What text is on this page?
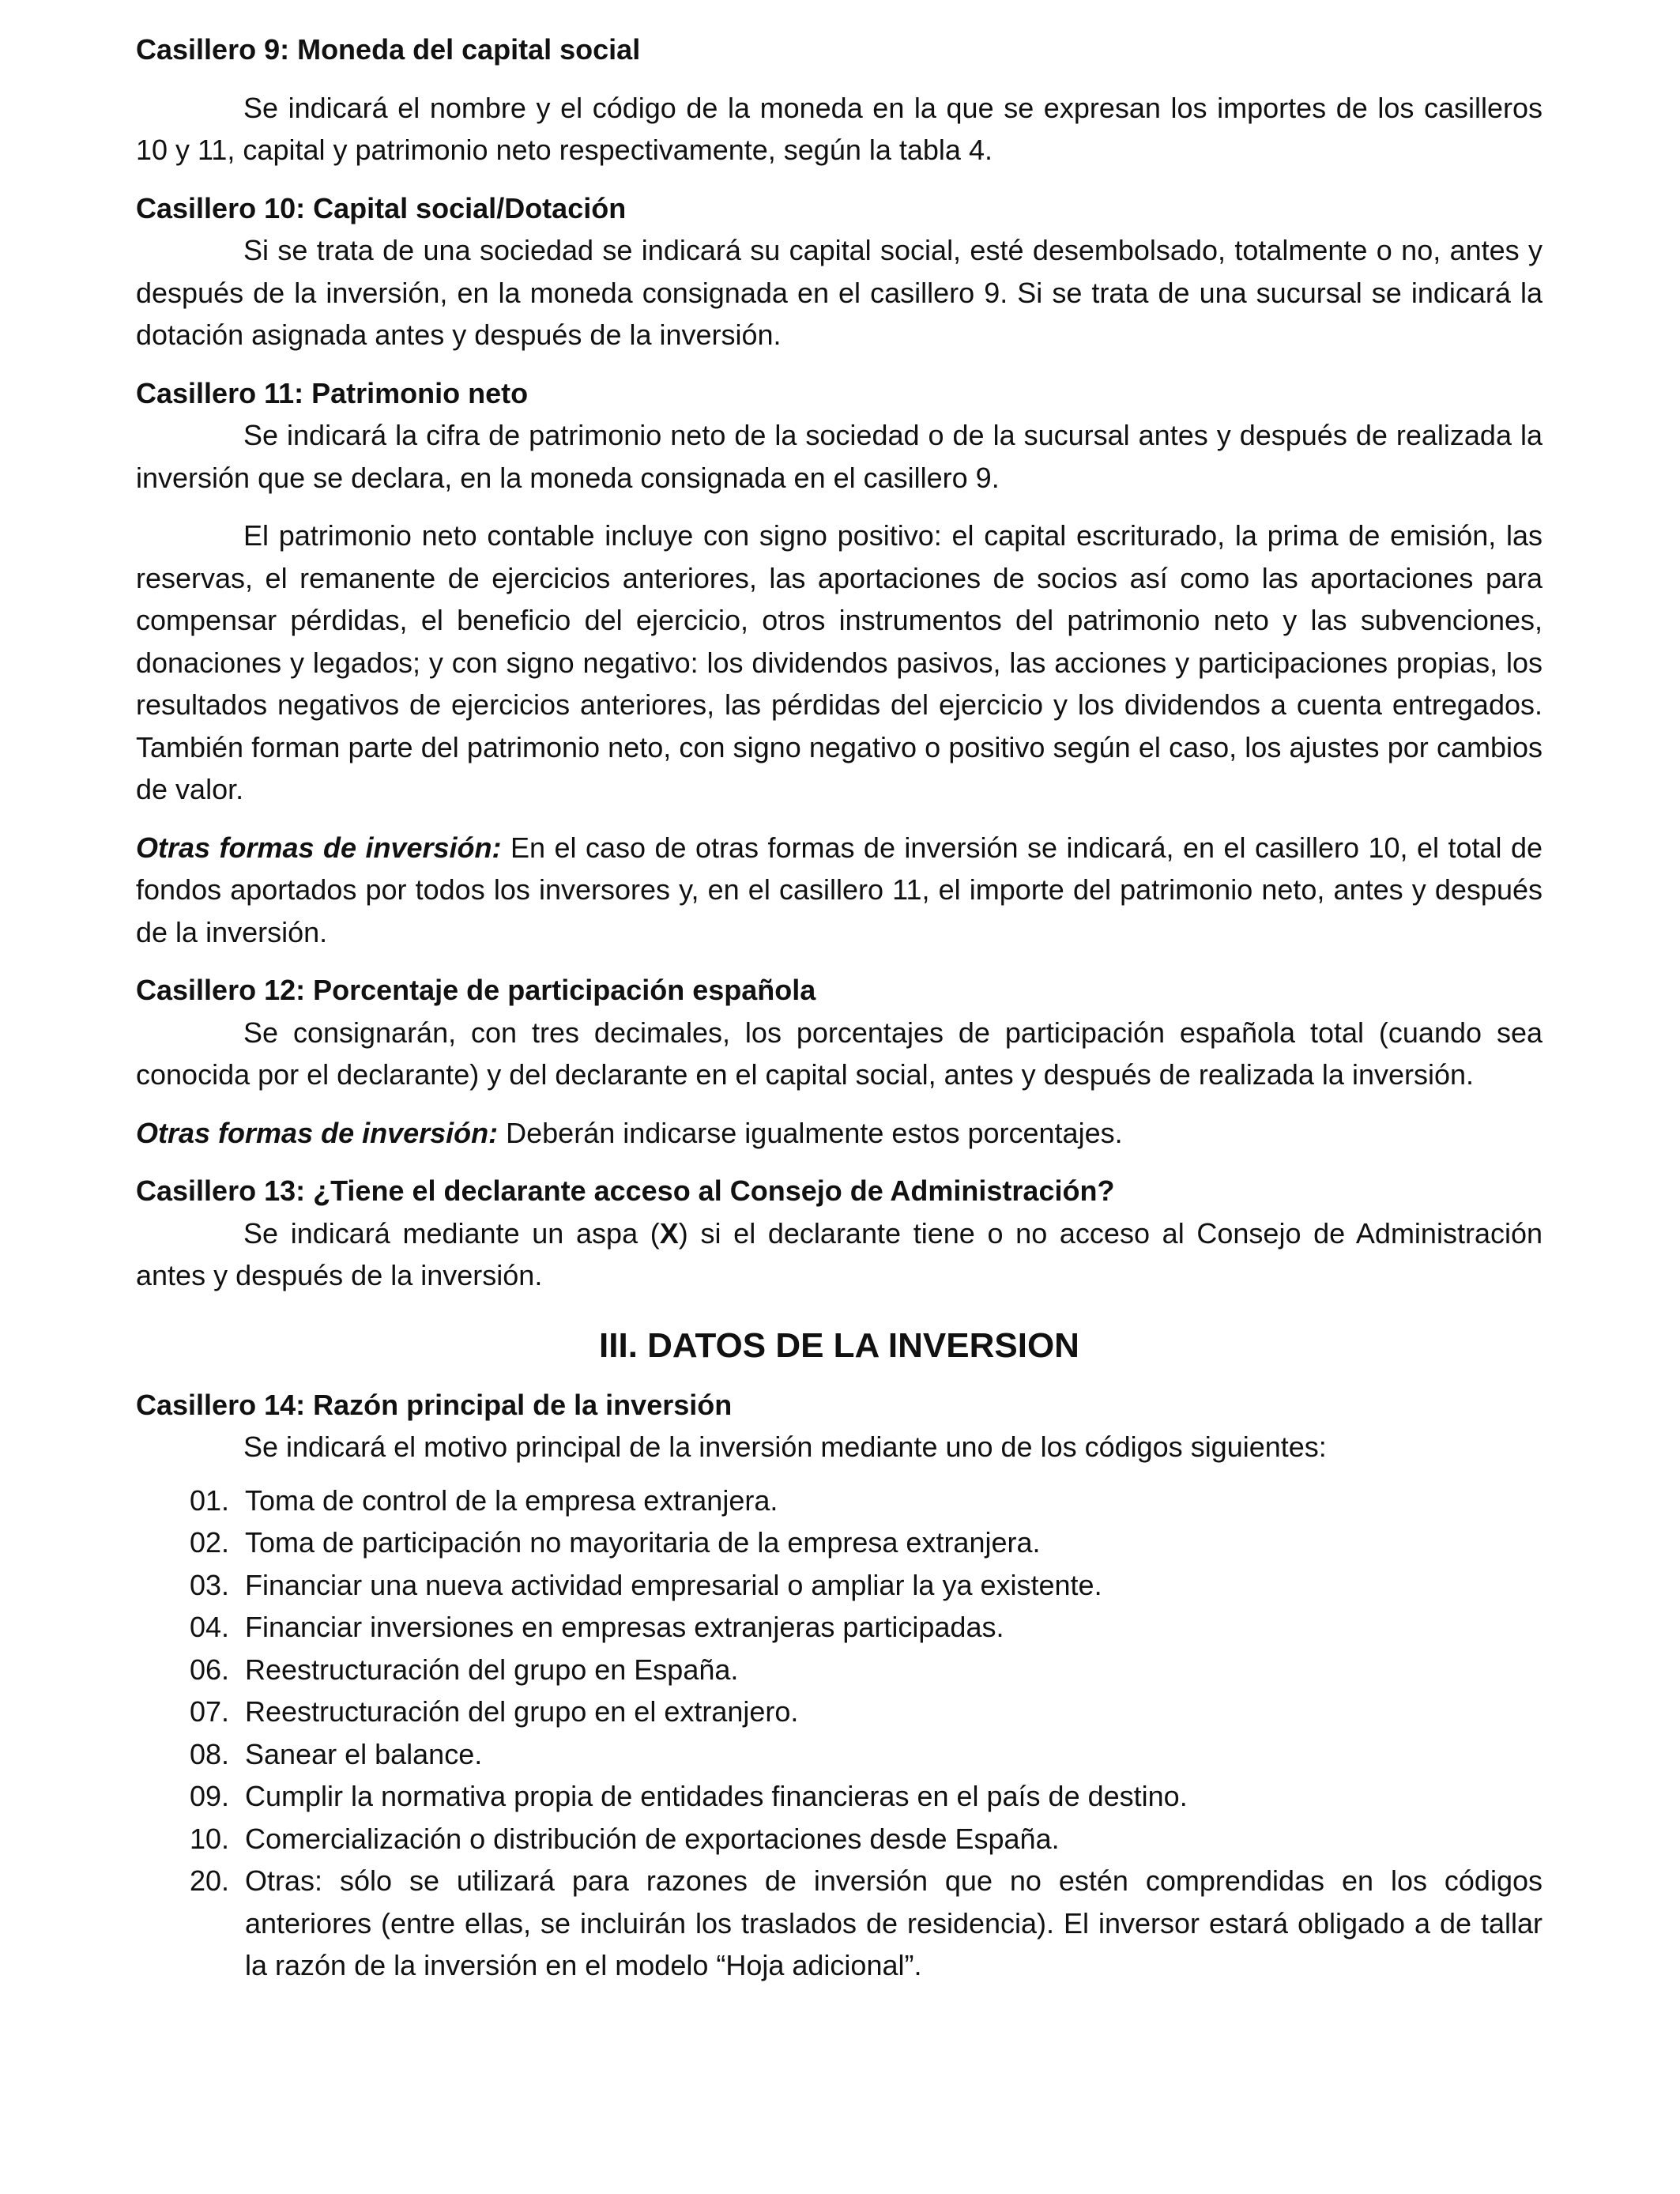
Casillero 9: Moneda del capital social

Se indicará el nombre y el código de la moneda en la que se expresan los importes de los casilleros 10 y 11, capital y patrimonio neto respectivamente, según la tabla 4.

Casillero 10: Capital social/Dotación

Si se trata de una sociedad se indicará su capital social, esté desembolsado, totalmente o no, antes y después de la inversión, en la moneda consignada en el casillero 9. Si se trata de una sucursal se indicará la dotación asignada antes y después de la inversión.

Casillero 11: Patrimonio neto

Se indicará la cifra de patrimonio neto de la sociedad o de la sucursal antes y después de realizada la inversión que se declara, en la moneda consignada en el casillero 9.

El patrimonio neto contable incluye con signo positivo: el capital escriturado, la prima de emisión, las reservas, el remanente de ejercicios anteriores, las aportaciones de socios así como las aportaciones para compensar pérdidas, el beneficio del ejercicio, otros instrumentos del patrimonio neto y las subvenciones, donaciones y legados; y con signo negativo: los dividendos pasivos, las acciones y participaciones propias, los resultados negativos de ejercicios anteriores, las pérdidas del ejercicio y los dividendos a cuenta entregados. También forman parte del patrimonio neto, con signo negativo o positivo según el caso, los ajustes por cambios de valor.

Otras formas de inversión: En el caso de otras formas de inversión se indicará, en el casillero 10, el total de fondos aportados por todos los inversores y, en el casillero 11, el importe del patrimonio neto, antes y después de la inversión.

Casillero 12: Porcentaje de participación española

Se consignarán, con tres decimales, los porcentajes de participación española total (cuando sea conocida por el declarante) y del declarante en el capital social, antes y después de realizada la inversión.

Otras formas de inversión: Deberán indicarse igualmente estos porcentajes.

Casillero 13: ¿Tiene el declarante acceso al Consejo de Administración?

Se indicará mediante un aspa (X) si el declarante tiene o no acceso al Consejo de Administración antes y después de la inversión.

III. DATOS DE LA INVERSION

Casillero 14: Razón principal de la inversión

Se indicará el motivo principal de la inversión mediante uno de los códigos siguientes:

01. Toma de control de la empresa extranjera.
02. Toma de participación no mayoritaria de la empresa extranjera.
03. Financiar una nueva actividad empresarial o ampliar la ya existente.
04. Financiar inversiones en empresas extranjeras participadas.
06. Reestructuración del grupo en España.
07. Reestructuración del grupo en el extranjero.
08. Sanear el balance.
09. Cumplir la normativa propia de entidades financieras en el país de destino.
10. Comercialización o distribución de exportaciones desde España.
20. Otras: sólo se utilizará para razones de inversión que no estén comprendidas en los códigos anteriores (entre ellas, se incluirán los traslados de residencia). El inversor estará obligado a de tallar la razón de la inversión en el modelo “Hoja adicional”.
